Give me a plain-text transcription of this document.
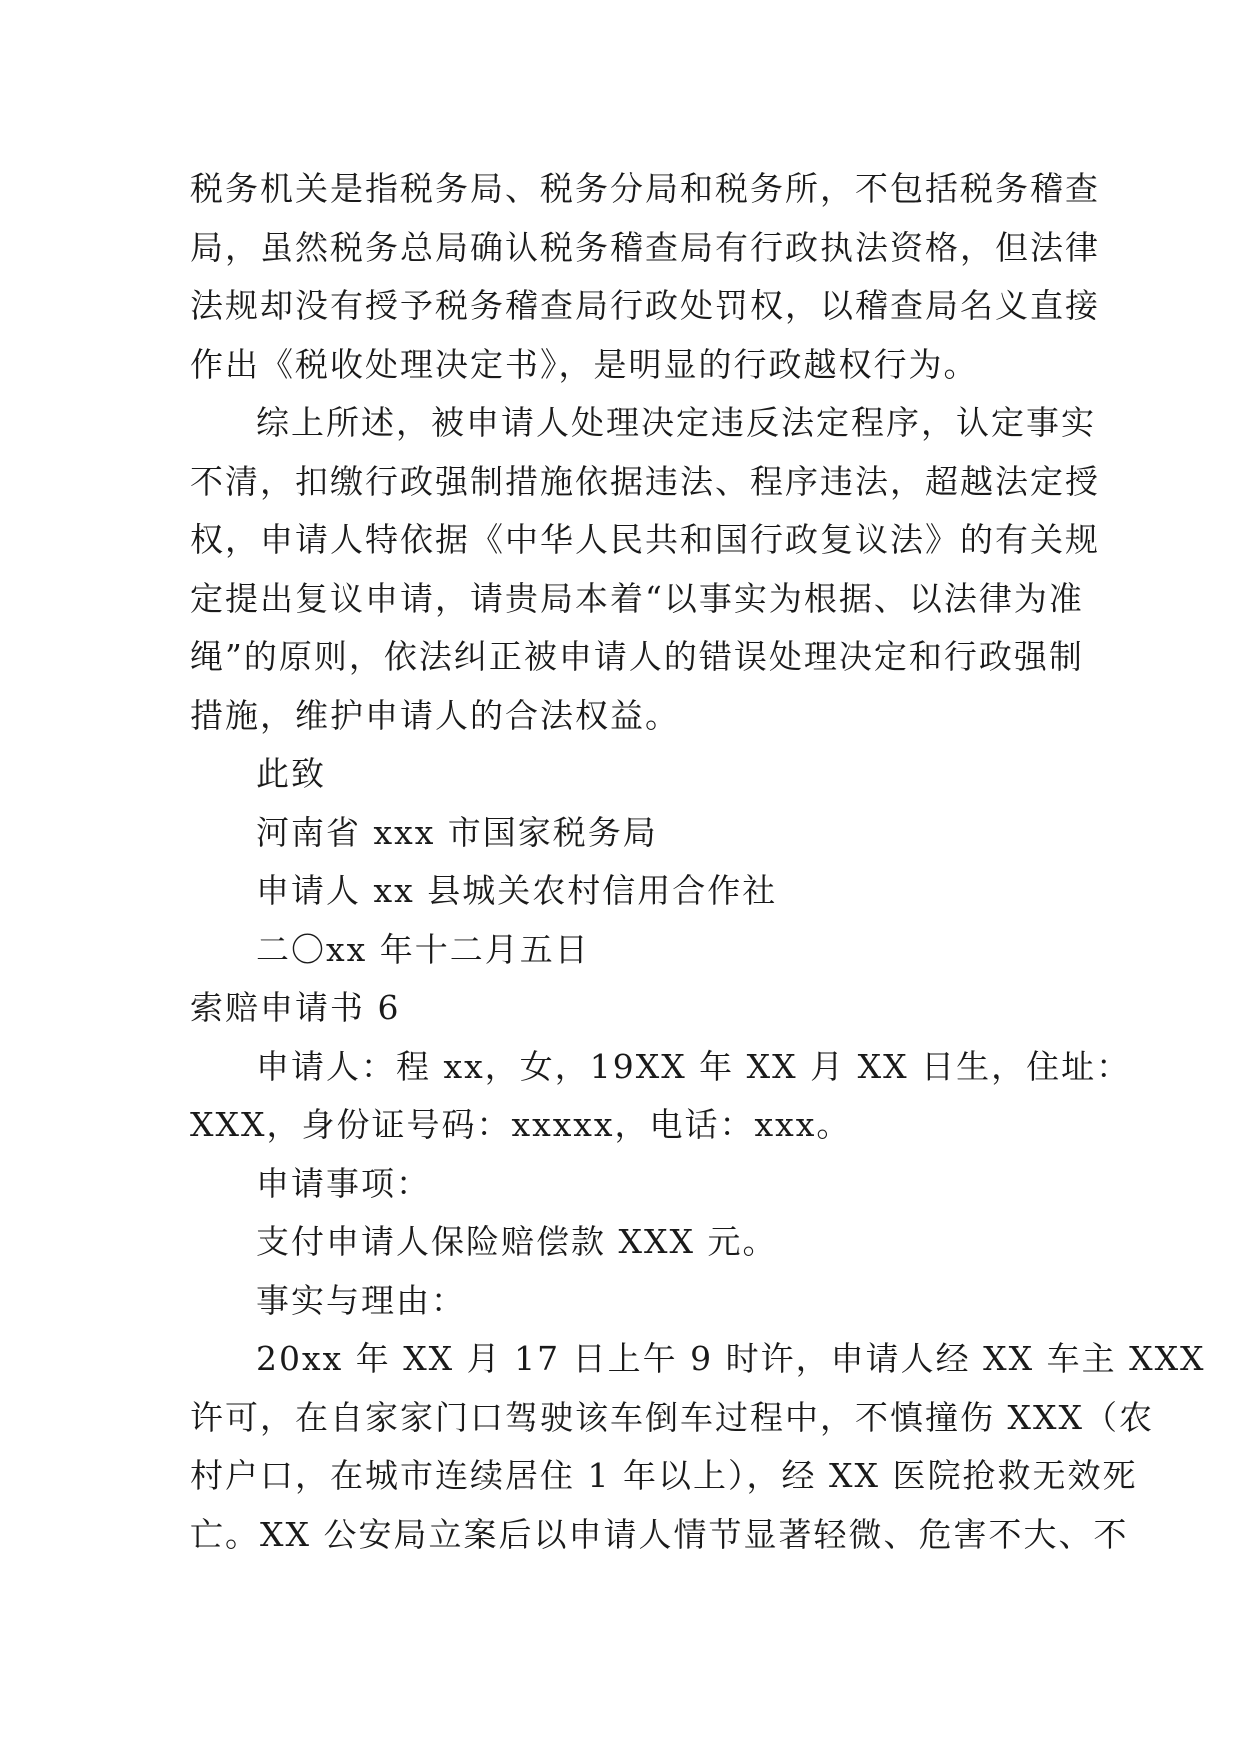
税务机关是指税务局、税务分局和税务所，不包括税务稽查
局，虽然税务总局确认税务稽查局有行政执法资格，但法律
法规却没有授予税务稽查局行政处罚权，以稽查局名义直接
作出《税收处理决定书》，是明显的行政越权行为。
综上所述，被申请人处理决定违反法定程序，认定事实
不清，扣缴行政强制措施依据违法、程序违法，超越法定授
权，申请人特依据《中华人民共和国行政复议法》的有关规
定提出复议申请，请贵局本着“以事实为根据、以法律为准
绳”的原则，依法纠正被申请人的错误处理决定和行政强制
措施，维护申请人的合法权益。
此致
河南省 xxx 市国家税务局
申请人 xx 县城关农村信用合作社
二〇xx 年十二月五日
索赔申请书 6
申请人：程 xx，女，19XX 年 XX 月 XX 日生，住址：
XXX，身份证号码：xxxxx，电话：xxx。
申请事项：
支付申请人保险赔偿款 XXX 元。
事实与理由：
20xx 年 XX 月 17 日上午 9 时许，申请人经 XX 车主 XXX
许可，在自家家门口驾驶该车倒车过程中，不慎撞伤 XXX（农
村户口，在城市连续居住 1 年以上），经 XX 医院抢救无效死
亡。XX 公安局立案后以申请人情节显著轻微、危害不大、不
